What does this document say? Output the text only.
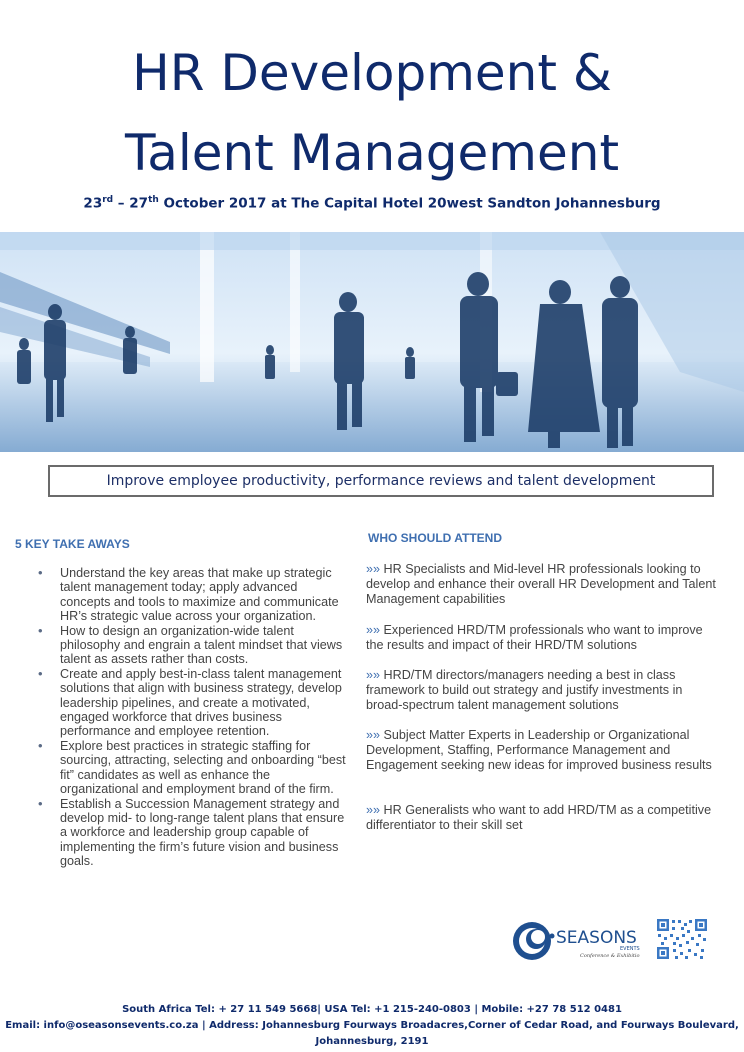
HR Development &
Talent Management
23rd – 27th October 2017 at The Capital Hotel 20west Sandton Johannesburg
Improve employee productivity, performance reviews and talent development
5 KEY TAKE AWAYS
• Understand the key areas that make up strategic talent management today; apply advanced concepts and tools to maximize and communicate HR’s strategic value across your organization.
• How to design an organization-wide talent philosophy and engrain a talent mindset that views talent as assets rather than costs.
• Create and apply best-in-class talent management solutions that align with business strategy, develop leadership pipelines, and create a motivated, engaged workforce that drives business performance and employee retention.
• Explore best practices in strategic staffing for sourcing, attracting, selecting and onboarding “best fit” candidates as well as enhance the organizational and employment brand of the firm.
• Establish a Succession Management strategy and develop mid- to long-range talent plans that ensure a workforce and leadership group capable of implementing the firm’s future vision and business goals.
WHO SHOULD ATTEND
»» HR Specialists and Mid-level HR professionals looking to develop and enhance their overall HR Development and Talent Management capabilities
»» Experienced HRD/TM professionals who want to improve the results and impact of their HRD/TM solutions
»» HRD/TM directors/managers needing a best in class framework to build out strategy and justify investments in broad-spectrum talent management solutions
»» Subject Matter Experts in Leadership or Organizational Development, Staffing, Performance Management and Engagement seeking new ideas for improved business results
»» HR Generalists who want to add HRD/TM as a competitive differentiator to their skill set
SEASONS
EVENTS
Conference & Exhibitions
South Africa Tel: + 27 11 549 5668| USA Tel: +1 215-240-0803 | Mobile: +27 78 512 0481
Email: info@oseasonsevents.co.za | Address: Johannesburg Fourways Broadacres,Corner of Cedar Road, and Fourways Boulevard,
Johannesburg, 2191
